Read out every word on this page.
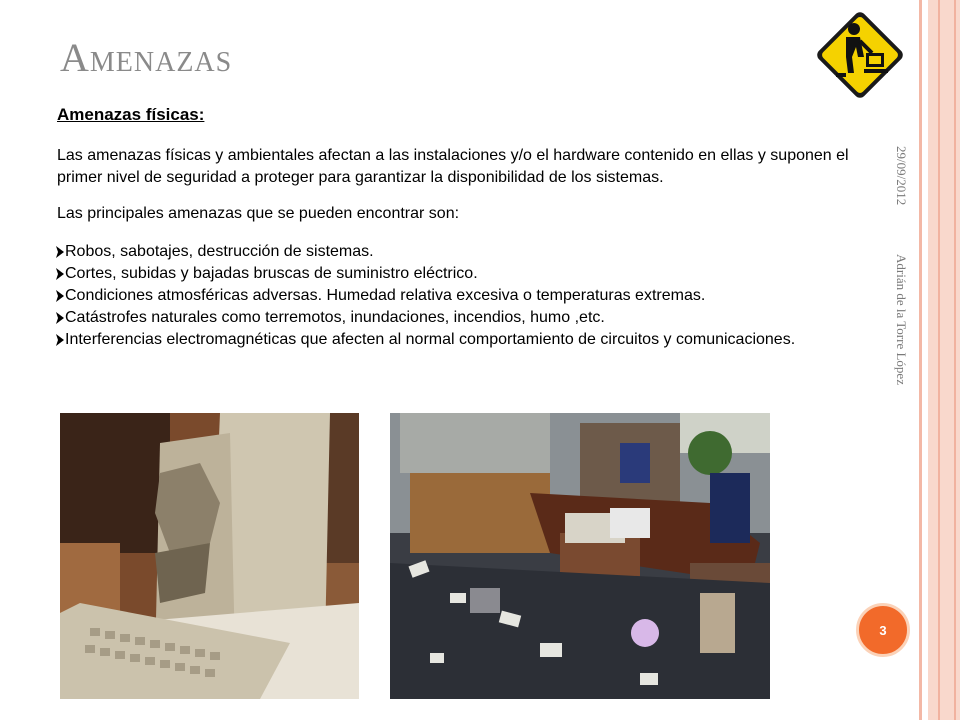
Amenazas

Amenazas físicas:

Las amenazas físicas y ambientales afectan a las instalaciones y/o el hardware contenido en ellas y suponen el primer nivel de seguridad a proteger para garantizar la disponibilidad de los sistemas.

Las principales amenazas que se pueden encontrar son:

Robos, sabotajes, destrucción de sistemas.
Cortes, subidas y bajadas bruscas de suministro eléctrico.
Condiciones atmosféricas adversas. Humedad relativa excesiva o temperaturas extremas.
Catástrofes naturales como terremotos, inundaciones, incendios, humo ,etc.
Interferencias electromagnéticas que afecten al normal comportamiento de circuitos y comunicaciones.
29/09/2012
Adrián de la Torre López
3
